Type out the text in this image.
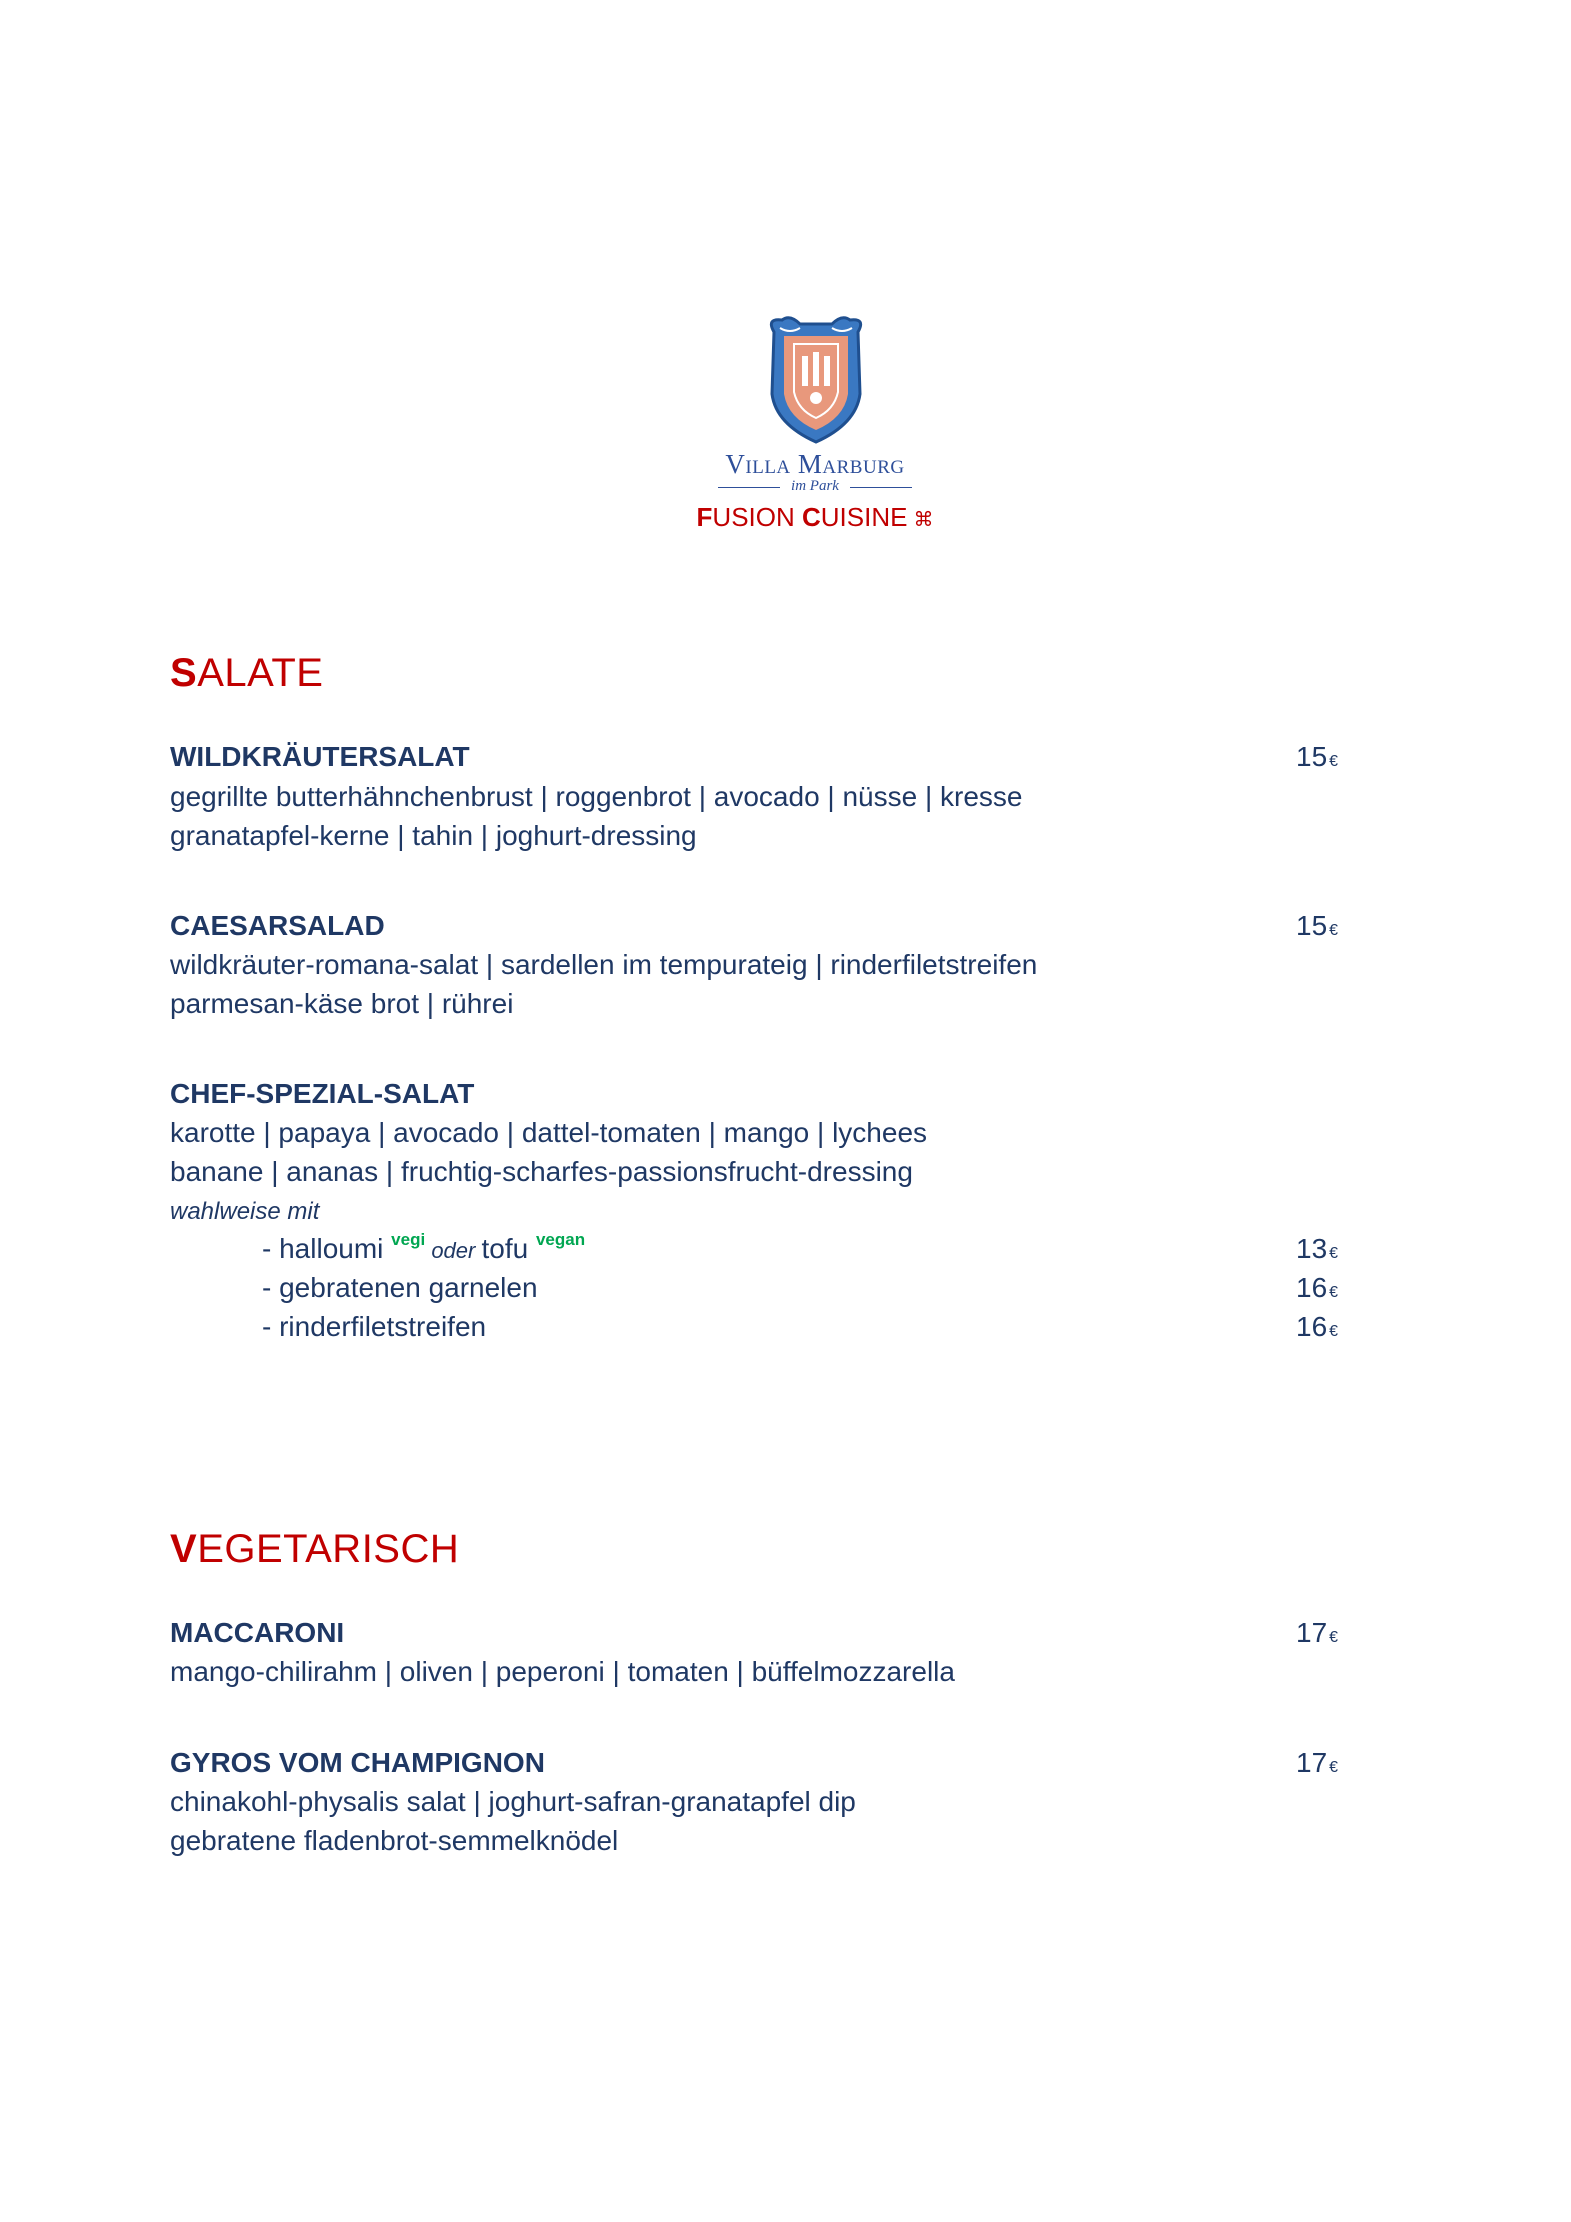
Villa Marburg
im Park
FUSION CUISINE ⌘
SALATE
WILDKRÄUTERSALAT	15 €
gegrillte butterhähnchenbrust | roggenbrot | avocado | nüsse | kresse
granatapfel-kerne | tahin | joghurt-dressing
CAESARSALAD	15 €
wildkräuter-romana-salat | sardellen im tempurateig | rinderfiletstreifen
parmesan-käse brot | rührei
CHEF-SPEZIAL-SALAT
karotte | papaya | avocado | dattel-tomaten | mango | lychees
banane | ananas | fruchtig-scharfes-passionsfrucht-dressing
wahlweise mit
- halloumi $^{vegi}$ oder tofu $^{vegan}$	13 €
- gebratenen garnelen	16 €
- rinderfiletstreifen	16 €
VEGETARISCH
MACCARONI	17 €
mango-chilirahm | oliven | peperoni | tomaten | büffelmozzarella
GYROS VOM CHAMPIGNON	17 €
chinakohl-physalis salat | joghurt-safran-granatapfel dip
gebratene fladenbrot-semmelknödel
